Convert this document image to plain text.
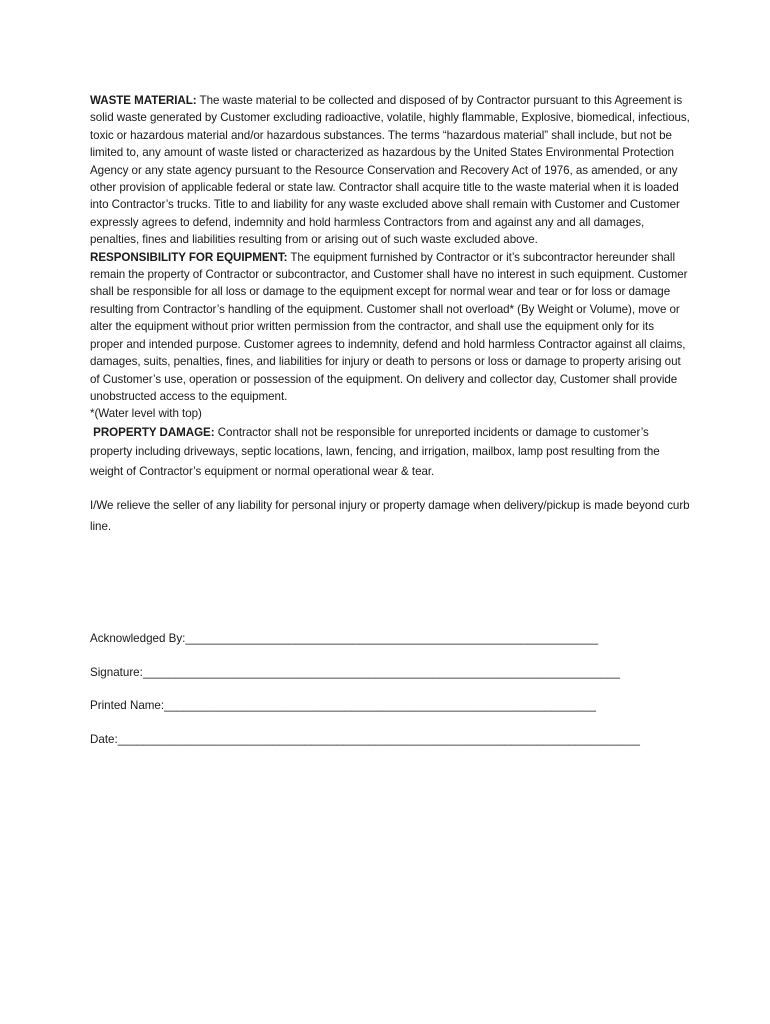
WASTE MATERIAL: The waste material to be collected and disposed of by Contractor pursuant to this Agreement is solid waste generated by Customer excluding radioactive, volatile, highly flammable, Explosive, biomedical, infectious, toxic or hazardous material and/or hazardous substances. The terms “hazardous material” shall include, but not be limited to, any amount of waste listed or characterized as hazardous by the United States Environmental Protection Agency or any state agency pursuant to the Resource Conservation and Recovery Act of 1976, as amended, or any other provision of applicable federal or state law. Contractor shall acquire title to the waste material when it is loaded into Contractor’s trucks. Title to and liability for any waste excluded above shall remain with Customer and Customer expressly agrees to defend, indemnity and hold harmless Contractors from and against any and all damages, penalties, fines and liabilities resulting from or arising out of such waste excluded above.

RESPONSIBILITY FOR EQUIPMENT: The equipment furnished by Contractor or it’s subcontractor hereunder shall remain the property of Contractor or subcontractor, and Customer shall have no interest in such equipment. Customer shall be responsible for all loss or damage to the equipment except for normal wear and tear or for loss or damage resulting from Contractor’s handling of the equipment. Customer shall not overload* (By Weight or Volume), move or alter the equipment without prior written permission from the contractor, and shall use the equipment only for its proper and intended purpose. Customer agrees to indemnity, defend and hold harmless Contractor against all claims, damages, suits, penalties, fines, and liabilities for injury or death to persons or loss or damage to property arising out of Customer’s use, operation or possession of the equipment. On delivery and collector day, Customer shall provide unobstructed access to the equipment.

*(Water level with top)

PROPERTY DAMAGE: Contractor shall not be responsible for unreported incidents or damage to customer’s property including driveways, septic locations, lawn, fencing, and irrigation, mailbox, lamp post resulting from the weight of Contractor’s equipment or normal operational wear & tear.

I/We relieve the seller of any liability for personal injury or property damage when delivery/pickup is made beyond curb line.

Acknowledged By: ________________________________________________________________
Signature: __________________________________________________________________________
Printed Name: ___________________________________________________________________
Date: _________________________________________________________________________________
